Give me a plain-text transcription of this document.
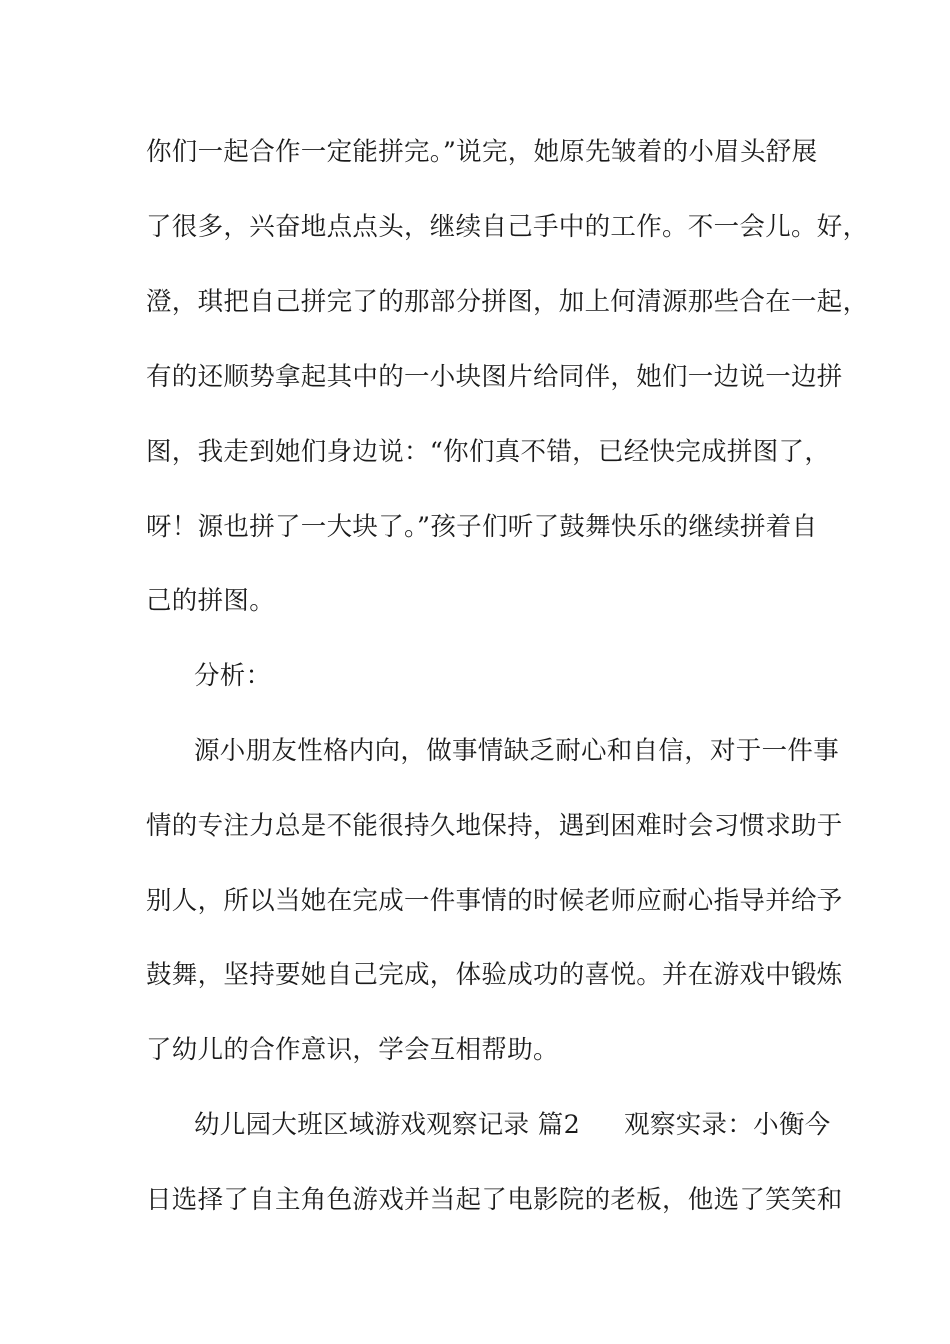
你们一起合作一定能拼完。”说完，她原先皱着的小眉头舒展
了很多，兴奋地点点头，继续自己手中的工作。不一会儿。好，
澄，琪把自己拼完了的那部分拼图，加上何清源那些合在一起，
有的还顺势拿起其中的一小块图片给同伴，她们一边说一边拼
图，我走到她们身边说：“你们真不错，已经快完成拼图了，
呀！源也拼了一大块了。”孩子们听了鼓舞快乐的继续拼着自
己的拼图。
分析：
源小朋友性格内向，做事情缺乏耐心和自信，对于一件事
情的专注力总是不能很持久地保持，遇到困难时会习惯求助于
别人，所以当她在完成一件事情的时候老师应耐心指导并给予
鼓舞，坚持要她自己完成，体验成功的喜悦。并在游戏中锻炼
了幼儿的合作意识，学会互相帮助。
幼儿园大班区域游戏观察记录 篇2 观察实录：小衡今
日选择了自主角色游戏并当起了电影院的老板，他选了笑笑和
